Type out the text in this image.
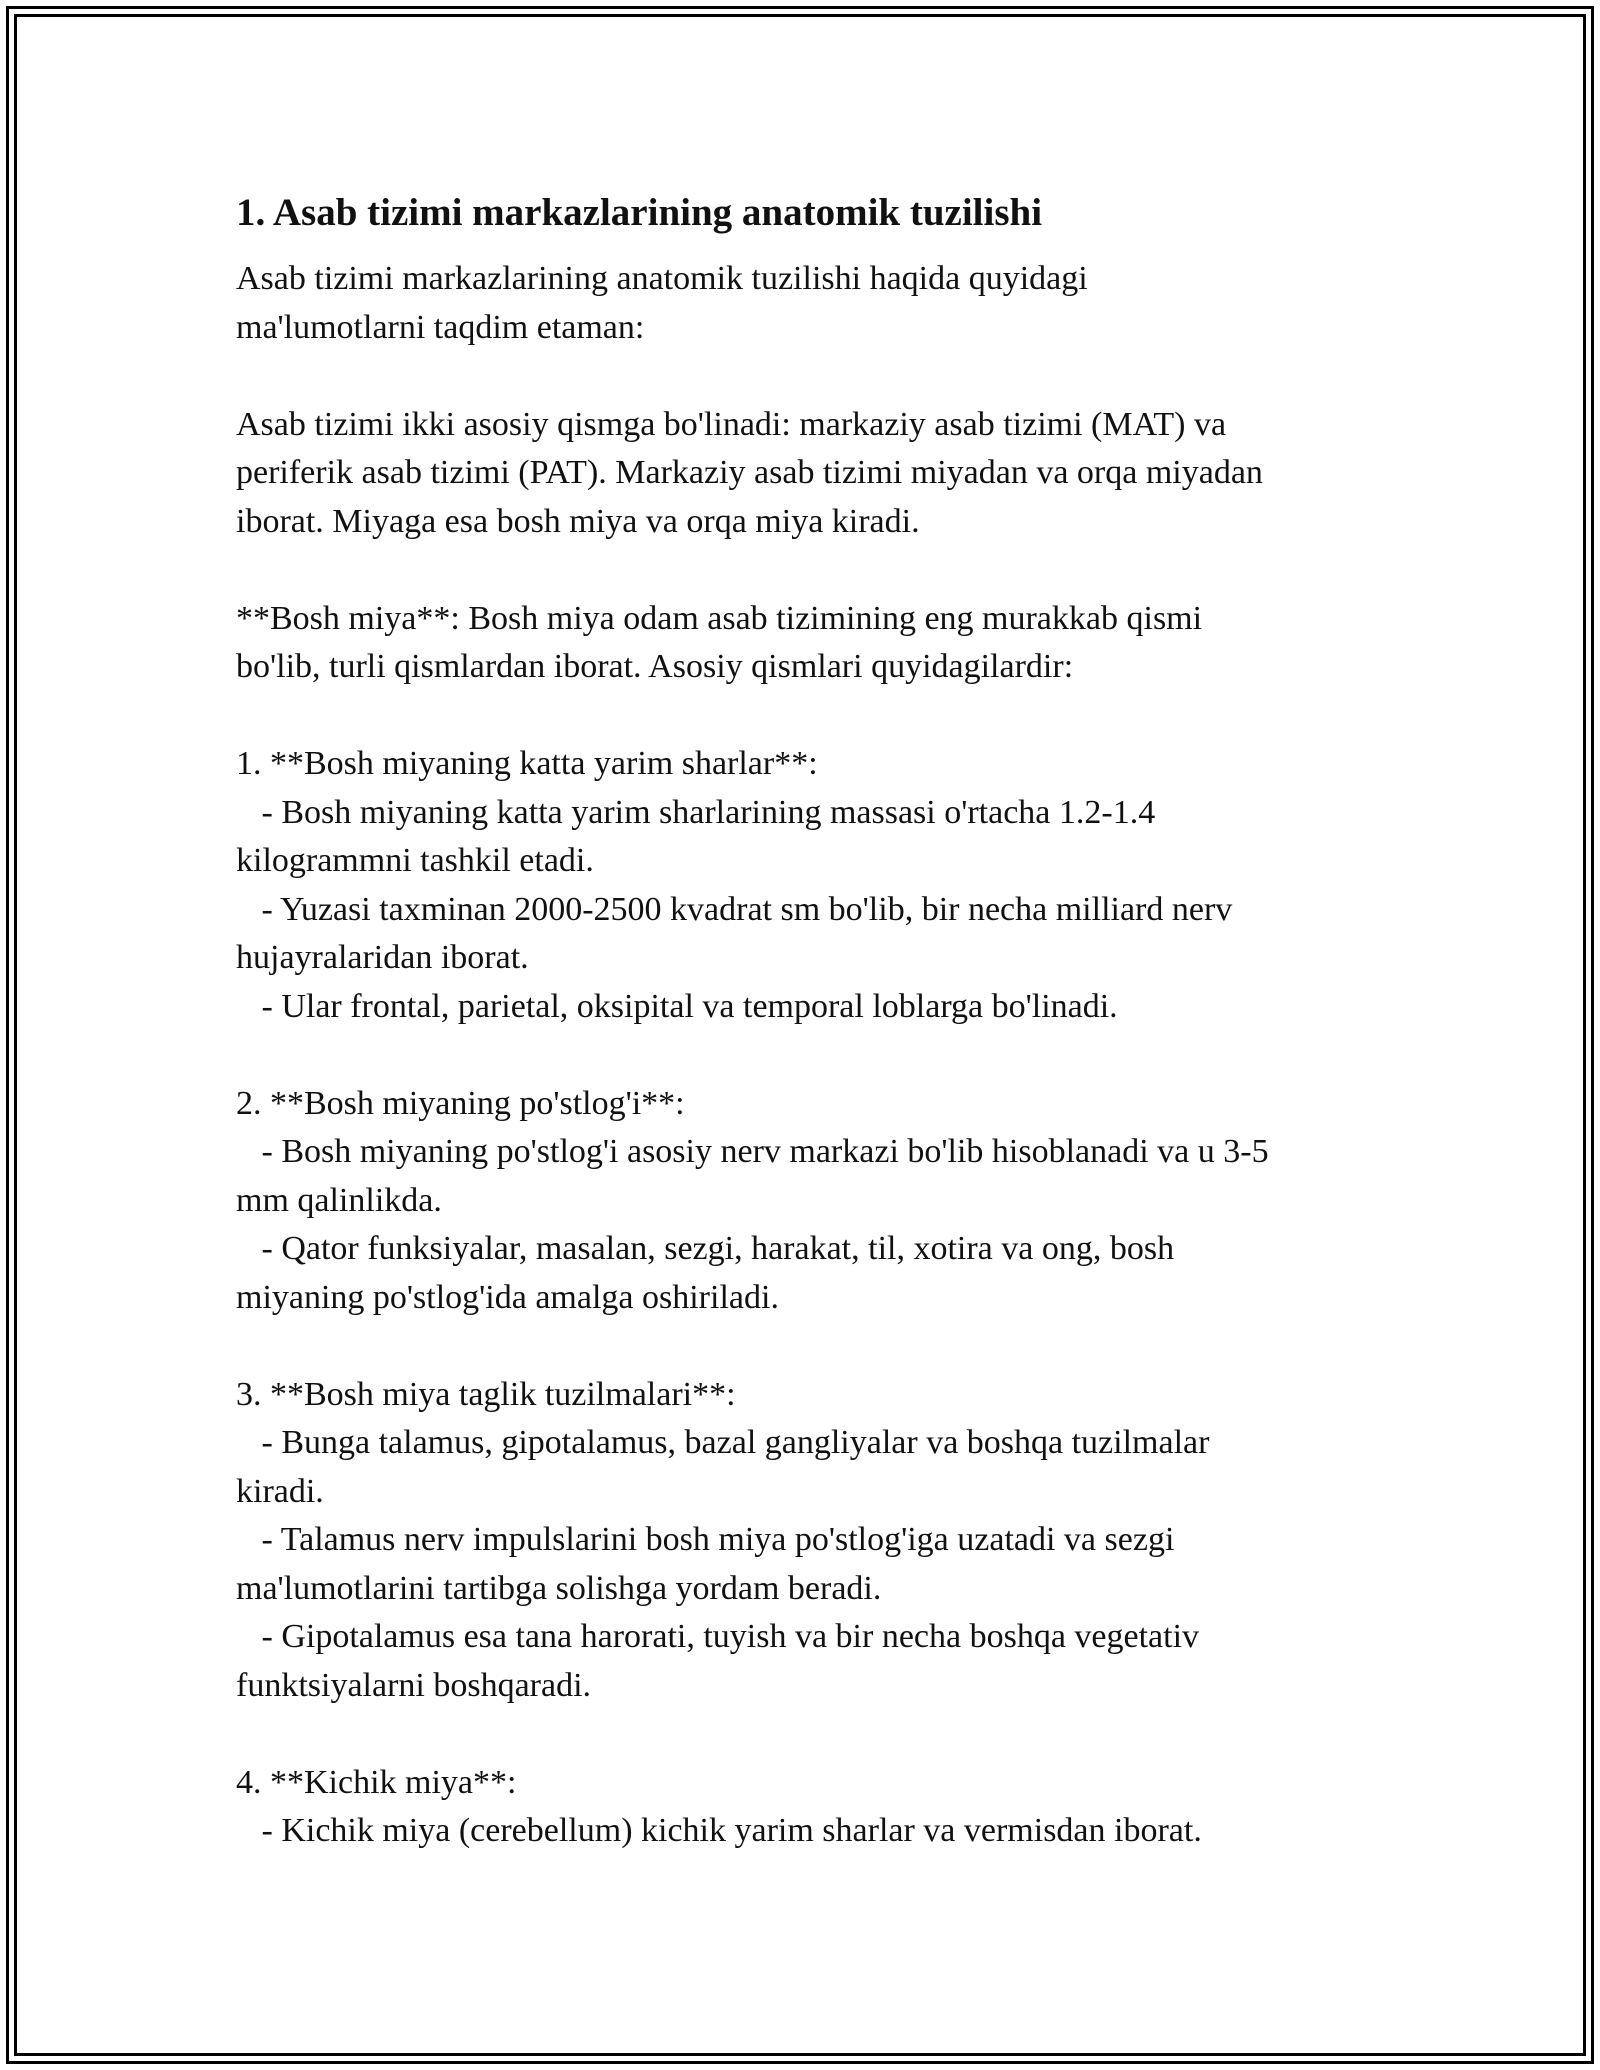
1. Asab tizimi markazlarining anatomik tuzilishi

Asab tizimi markazlarining anatomik tuzilishi haqida quyidagi

ma'lumotlarni taqdim etaman:

Asab tizimi ikki asosiy qismga bo'linadi: markaziy asab tizimi (MAT) va

periferik asab tizimi (PAT). Markaziy asab tizimi miyadan va orqa miyadan

iborat. Miyaga esa bosh miya va orqa miya kiradi.

**Bosh miya**: Bosh miya odam asab tizimining eng murakkab qismi

bo'lib, turli qismlardan iborat. Asosiy qismlari quyidagilardir:

1. **Bosh miyaning katta yarim sharlar**:

- Bosh miyaning katta yarim sharlarining massasi o'rtacha 1.2-1.4

kilogrammni tashkil etadi.

- Yuzasi taxminan 2000-2500 kvadrat sm bo'lib, bir necha milliard nerv

hujayralaridan iborat.

- Ular frontal, parietal, oksipital va temporal loblarga bo'linadi.

2. **Bosh miyaning po'stlog'i**:

- Bosh miyaning po'stlog'i asosiy nerv markazi bo'lib hisoblanadi va u 3-5

mm qalinlikda.

- Qator funksiyalar, masalan, sezgi, harakat, til, xotira va ong, bosh

miyaning po'stlog'ida amalga oshiriladi.

3. **Bosh miya taglik tuzilmalari**:

- Bunga talamus, gipotalamus, bazal gangliyalar va boshqa tuzilmalar

kiradi.

- Talamus nerv impulslarini bosh miya po'stlog'iga uzatadi va sezgi

ma'lumotlarini tartibga solishga yordam beradi.

- Gipotalamus esa tana harorati, tuyish va bir necha boshqa vegetativ

funktsiyalarni boshqaradi.

4. **Kichik miya**:

- Kichik miya (cerebellum) kichik yarim sharlar va vermisdan iborat.
